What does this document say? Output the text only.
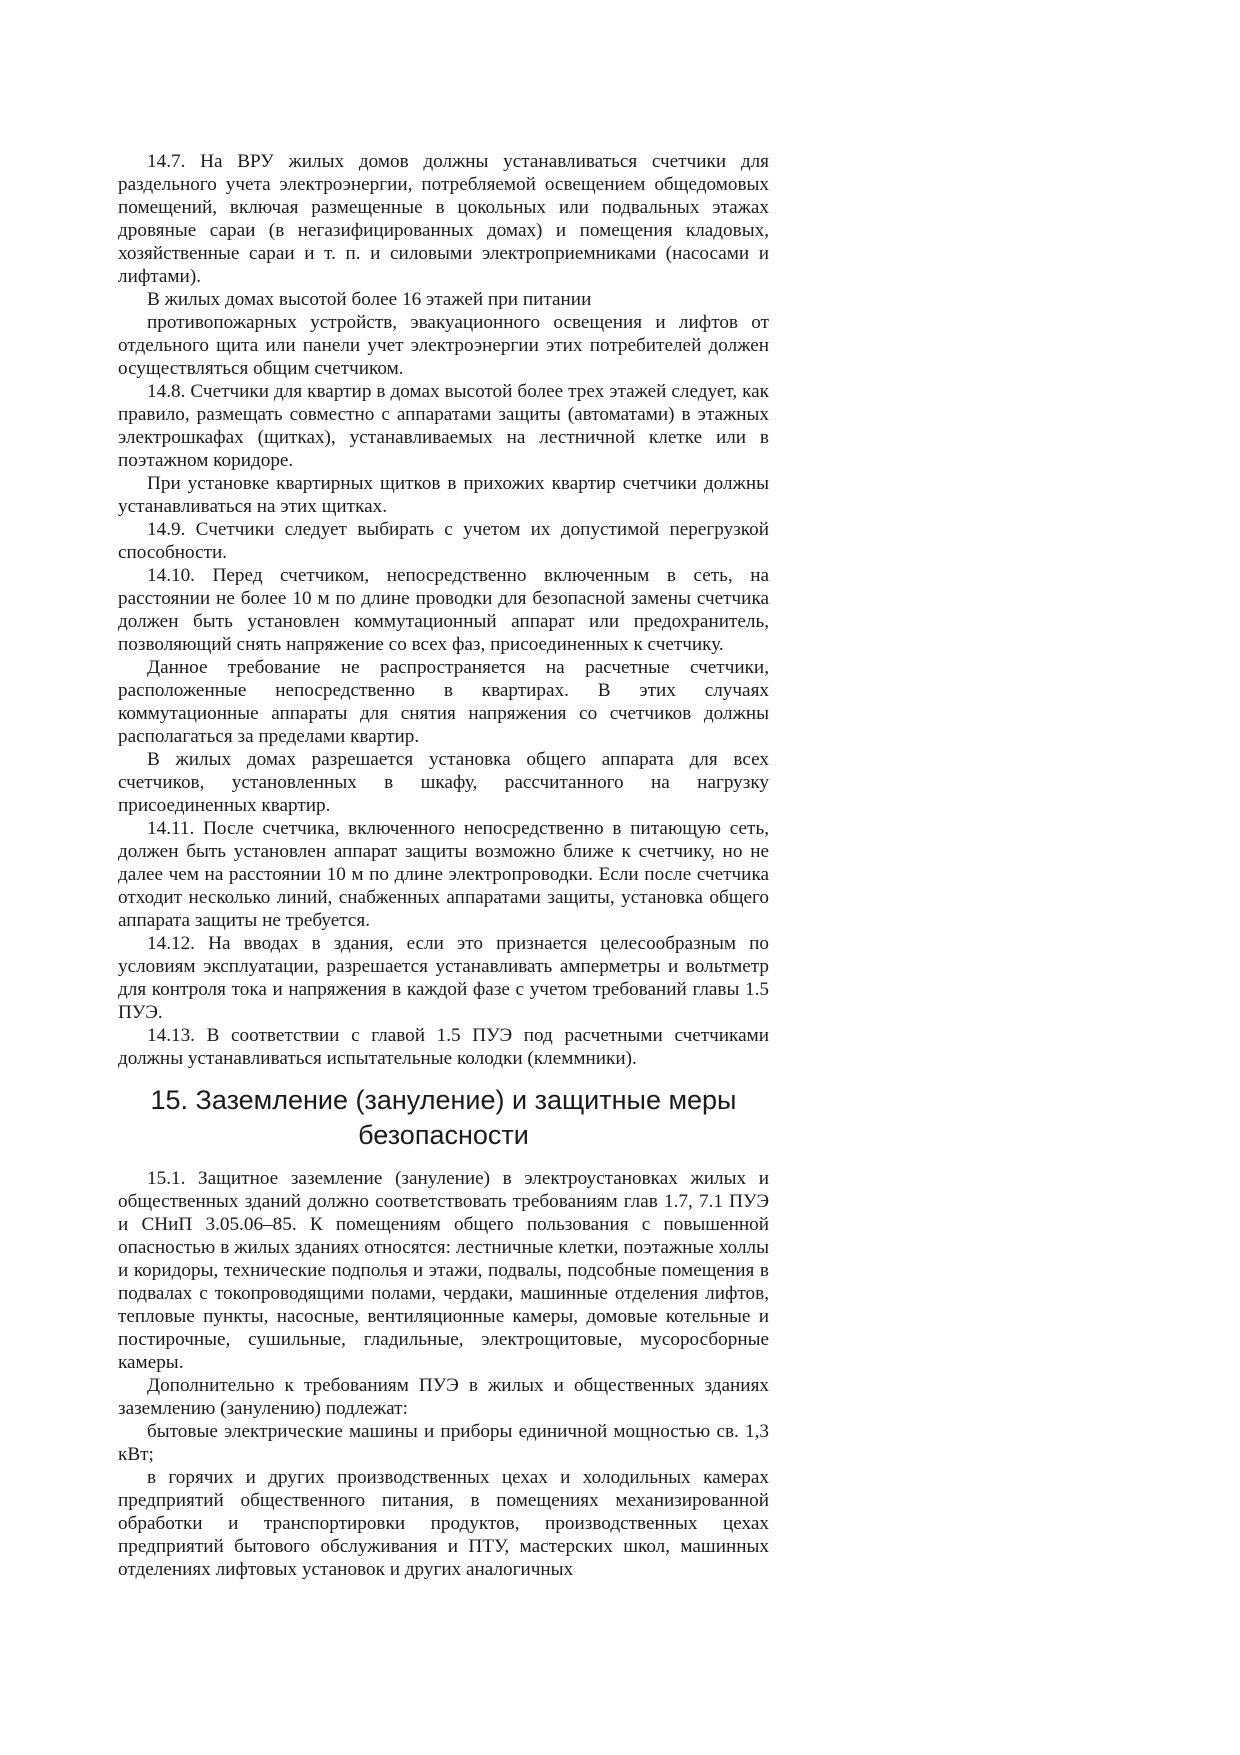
14.7. На ВРУ жилых домов должны устанавливаться счетчики для раздельного учета электроэнергии, потребляемой освещением общедомовых помещений, включая размещенные в цокольных или подвальных этажах дровяные сараи (в негазифицированных домах) и помещения кладовых, хозяйственные сараи и т. п. и силовыми электроприемниками (насосами и лифтами).

В жилых домах высотой более 16 этажей при питании

противопожарных устройств, эвакуационного освещения и лифтов от отдельного щита или панели учет электроэнергии этих потребителей должен осуществляться общим счетчиком.

14.8. Счетчики для квартир в домах высотой более трех этажей следует, как правило, размещать совместно с аппаратами защиты (автоматами) в этажных электрошкафах (щитках), устанавливаемых на лестничной клетке или в поэтажном коридоре.

При установке квартирных щитков в прихожих квартир счетчики должны устанавливаться на этих щитках.

14.9. Счетчики следует выбирать с учетом их допустимой перегрузкой способности.

14.10. Перед счетчиком, непосредственно включенным в сеть, на расстоянии не более 10 м по длине проводки для безопасной замены счетчика должен быть установлен коммутационный аппарат или предохранитель, позволяющий снять напряжение со всех фаз, присоединенных к счетчику.

Данное требование не распространяется на расчетные счетчики, расположенные непосредственно в квартирах. В этих случаях коммутационные аппараты для снятия напряжения со счетчиков должны располагаться за пределами квартир.

В жилых домах разрешается установка общего аппарата для всех счетчиков, установленных в шкафу, рассчитанного на нагрузку присоединенных квартир.

14.11. После счетчика, включенного непосредственно в питающую сеть, должен быть установлен аппарат защиты возможно ближе к счетчику, но не далее чем на расстоянии 10 м по длине электропроводки. Если после счетчика отходит несколько линий, снабженных аппаратами защиты, установка общего аппарата защиты не требуется.

14.12. На вводах в здания, если это признается целесообразным по условиям эксплуатации, разрешается устанавливать амперметры и вольтметр для контроля тока и напряжения в каждой фазе с учетом требований главы 1.5 ПУЭ.

14.13. В соответствии с главой 1.5 ПУЭ под расчетными счетчиками должны устанавливаться испытательные колодки (клеммники).

15. Заземление (зануление) и защитные меры
безопасности

15.1. Защитное заземление (зануление) в электроустановках жилых и общественных зданий должно соответствовать требованиям глав 1.7, 7.1 ПУЭ и СНиП 3.05.06–85. К помещениям общего пользования с повышенной опасностью в жилых зданиях относятся: лестничные клетки, поэтажные холлы и коридоры, технические подполья и этажи, подвалы, подсобные помещения в подвалах с токопроводящими полами, чердаки, машинные отделения лифтов, тепловые пункты, насосные, вентиляционные камеры, домовые котельные и постирочные, сушильные, гладильные, электрощитовые, мусоросборные камеры.

Дополнительно к требованиям ПУЭ в жилых и общественных зданиях заземлению (занулению) подлежат:

бытовые электрические машины и приборы единичной мощностью св. 1,3 кВт;

в горячих и других производственных цехах и холодильных камерах предприятий общественного питания, в помещениях механизированной обработки и транспортировки продуктов, производственных цехах предприятий бытового обслуживания и ПТУ, мастерских школ, машинных отделениях лифтовых установок и других аналогичных
